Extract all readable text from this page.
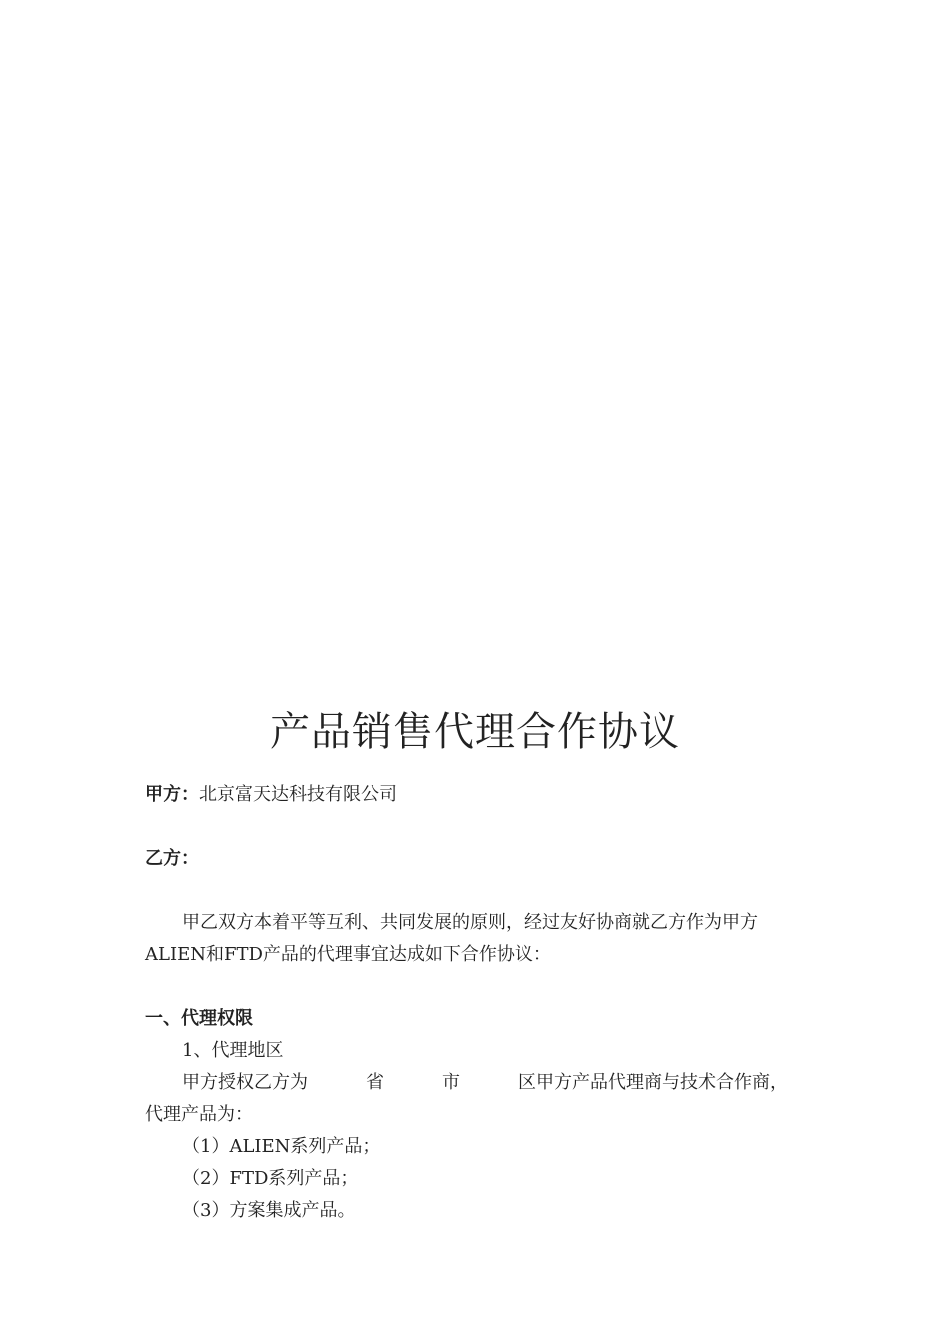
产品销售代理合作协议
甲方：北京富天达科技有限公司
乙方：
甲乙双方本着平等互利、共同发展的原则，经过友好协商就乙方作为甲方
ALIEN和FTD产品的代理事宜达成如下合作协议：
一、代理权限
1、代理地区
甲方授权乙方为	省	市	区甲方产品代理商与技术合作商，
代理产品为：
（1）ALIEN系列产品；
（2）FTD系列产品；
（3）方案集成产品。
